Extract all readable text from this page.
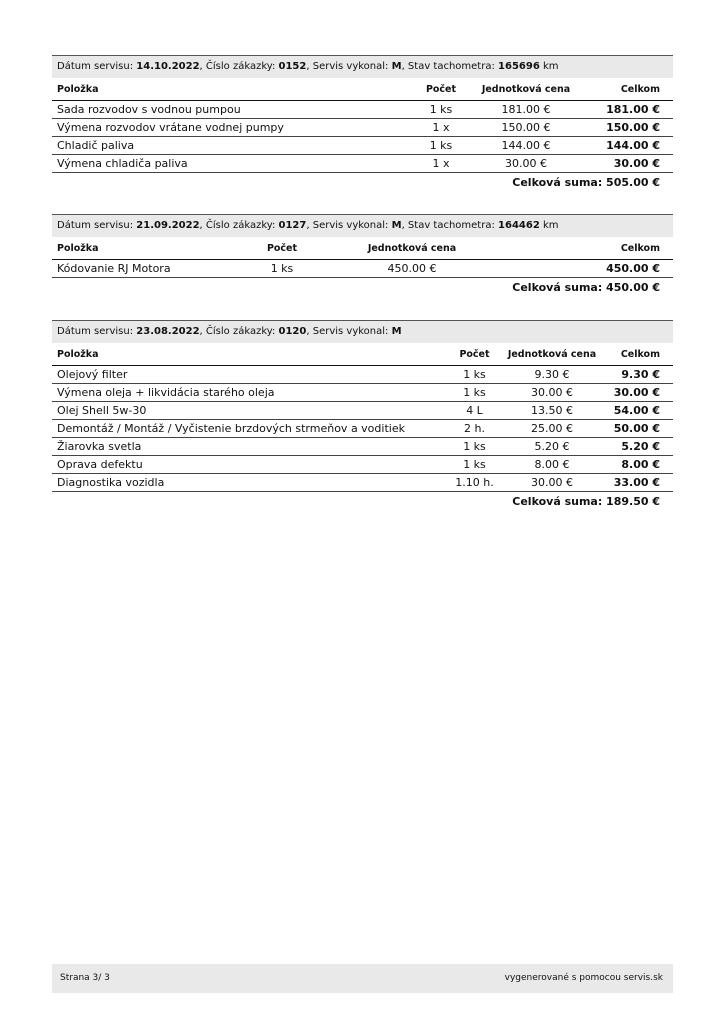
Dátum servisu: 14.10.2022, Číslo zákazky: 0152, Servis vykonal: M, Stav tachometra: 165696 km
Položka	Počet	Jednotková cena	Celkom
Sada rozvodov s vodnou pumpou	1 ks	181.00 €	181.00 €
Výmena rozvodov vrátane vodnej pumpy	1 x	150.00 €	150.00 €
Chladič paliva	1 ks	144.00 €	144.00 €
Výmena chladiča paliva	1 x	30.00 €	30.00 €
Celková suma: 505.00 €
Dátum servisu: 21.09.2022, Číslo zákazky: 0127, Servis vykonal: M, Stav tachometra: 164462 km
Položka	Počet	Jednotková cena	Celkom
Kódovanie RJ Motora	1 ks	450.00 €	450.00 €
Celková suma: 450.00 €
Dátum servisu: 23.08.2022, Číslo zákazky: 0120, Servis vykonal: M
Položka	Počet	Jednotková cena	Celkom
Olejový filter	1 ks	9.30 €	9.30 €
Výmena oleja + likvidácia starého oleja	1 ks	30.00 €	30.00 €
Olej Shell 5w-30	4 L	13.50 €	54.00 €
Demontáž / Montáž / Vyčistenie brzdových strmeňov a voditiek	2 h.	25.00 €	50.00 €
Žiarovka svetla	1 ks	5.20 €	5.20 €
Oprava defektu	1 ks	8.00 €	8.00 €
Diagnostika vozidla	1.10 h.	30.00 €	33.00 €
Celková suma: 189.50 €
Strana 3/ 3	vygenerované s pomocou servis.sk
